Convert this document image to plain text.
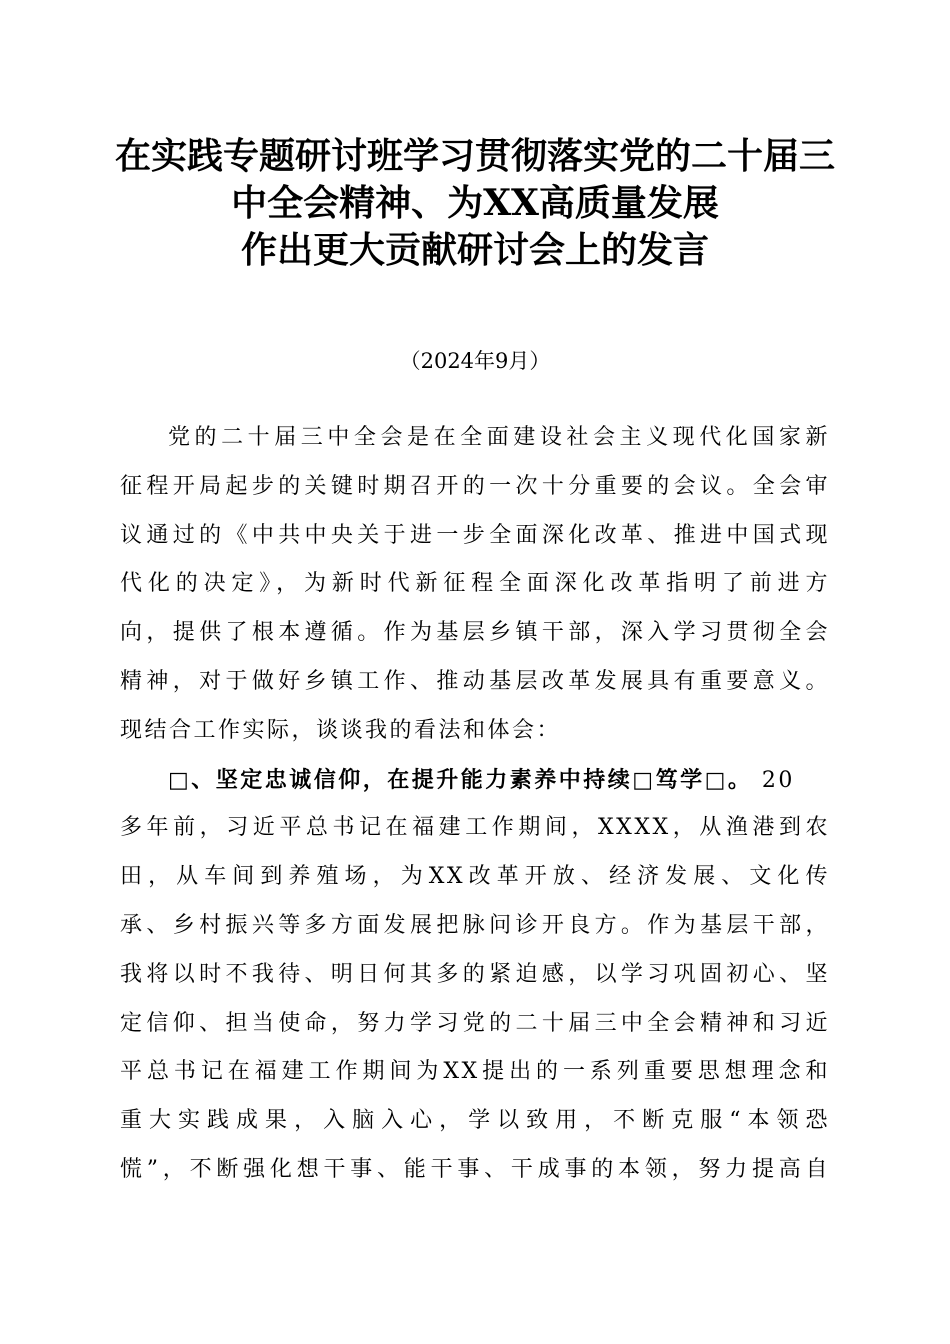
在实践专题研讨班学习贯彻落实党的二十届三
中全会精神、为XX高质量发展
作出更大贡献研讨会上的发言
（2024年9月）
党的二十届三中全会是在全面建设社会主义现代化国家新
征程开局起步的关键时期召开的一次十分重要的会议。全会审
议通过的《中共中央关于进一步全面深化改革、推进中国式现
代化的决定》，为新时代新征程全面深化改革指明了前进方
向，提供了根本遵循。作为基层乡镇干部，深入学习贯彻全会
精神，对于做好乡镇工作、推动基层改革发展具有重要意义。
现结合工作实际，谈谈我的看法和体会：
□、坚定忠诚信仰，在提升能力素养中持续□笃学□。 20
多年前，习近平总书记在福建工作期间，XXXX，从渔港到农
田，从车间到养殖场，为XX改革开放、经济发展、文化传
承、乡村振兴等多方面发展把脉问诊开良方。作为基层干部，
我将以时不我待、明日何其多的紧迫感，以学习巩固初心、坚
定信仰、担当使命，努力学习党的二十届三中全会精神和习近
平总书记在福建工作期间为XX提出的一系列重要思想理念和
重大实践成果，入脑入心，学以致用，不断克服“本领恐
慌”，不断强化想干事、能干事、干成事的本领，努力提高自
